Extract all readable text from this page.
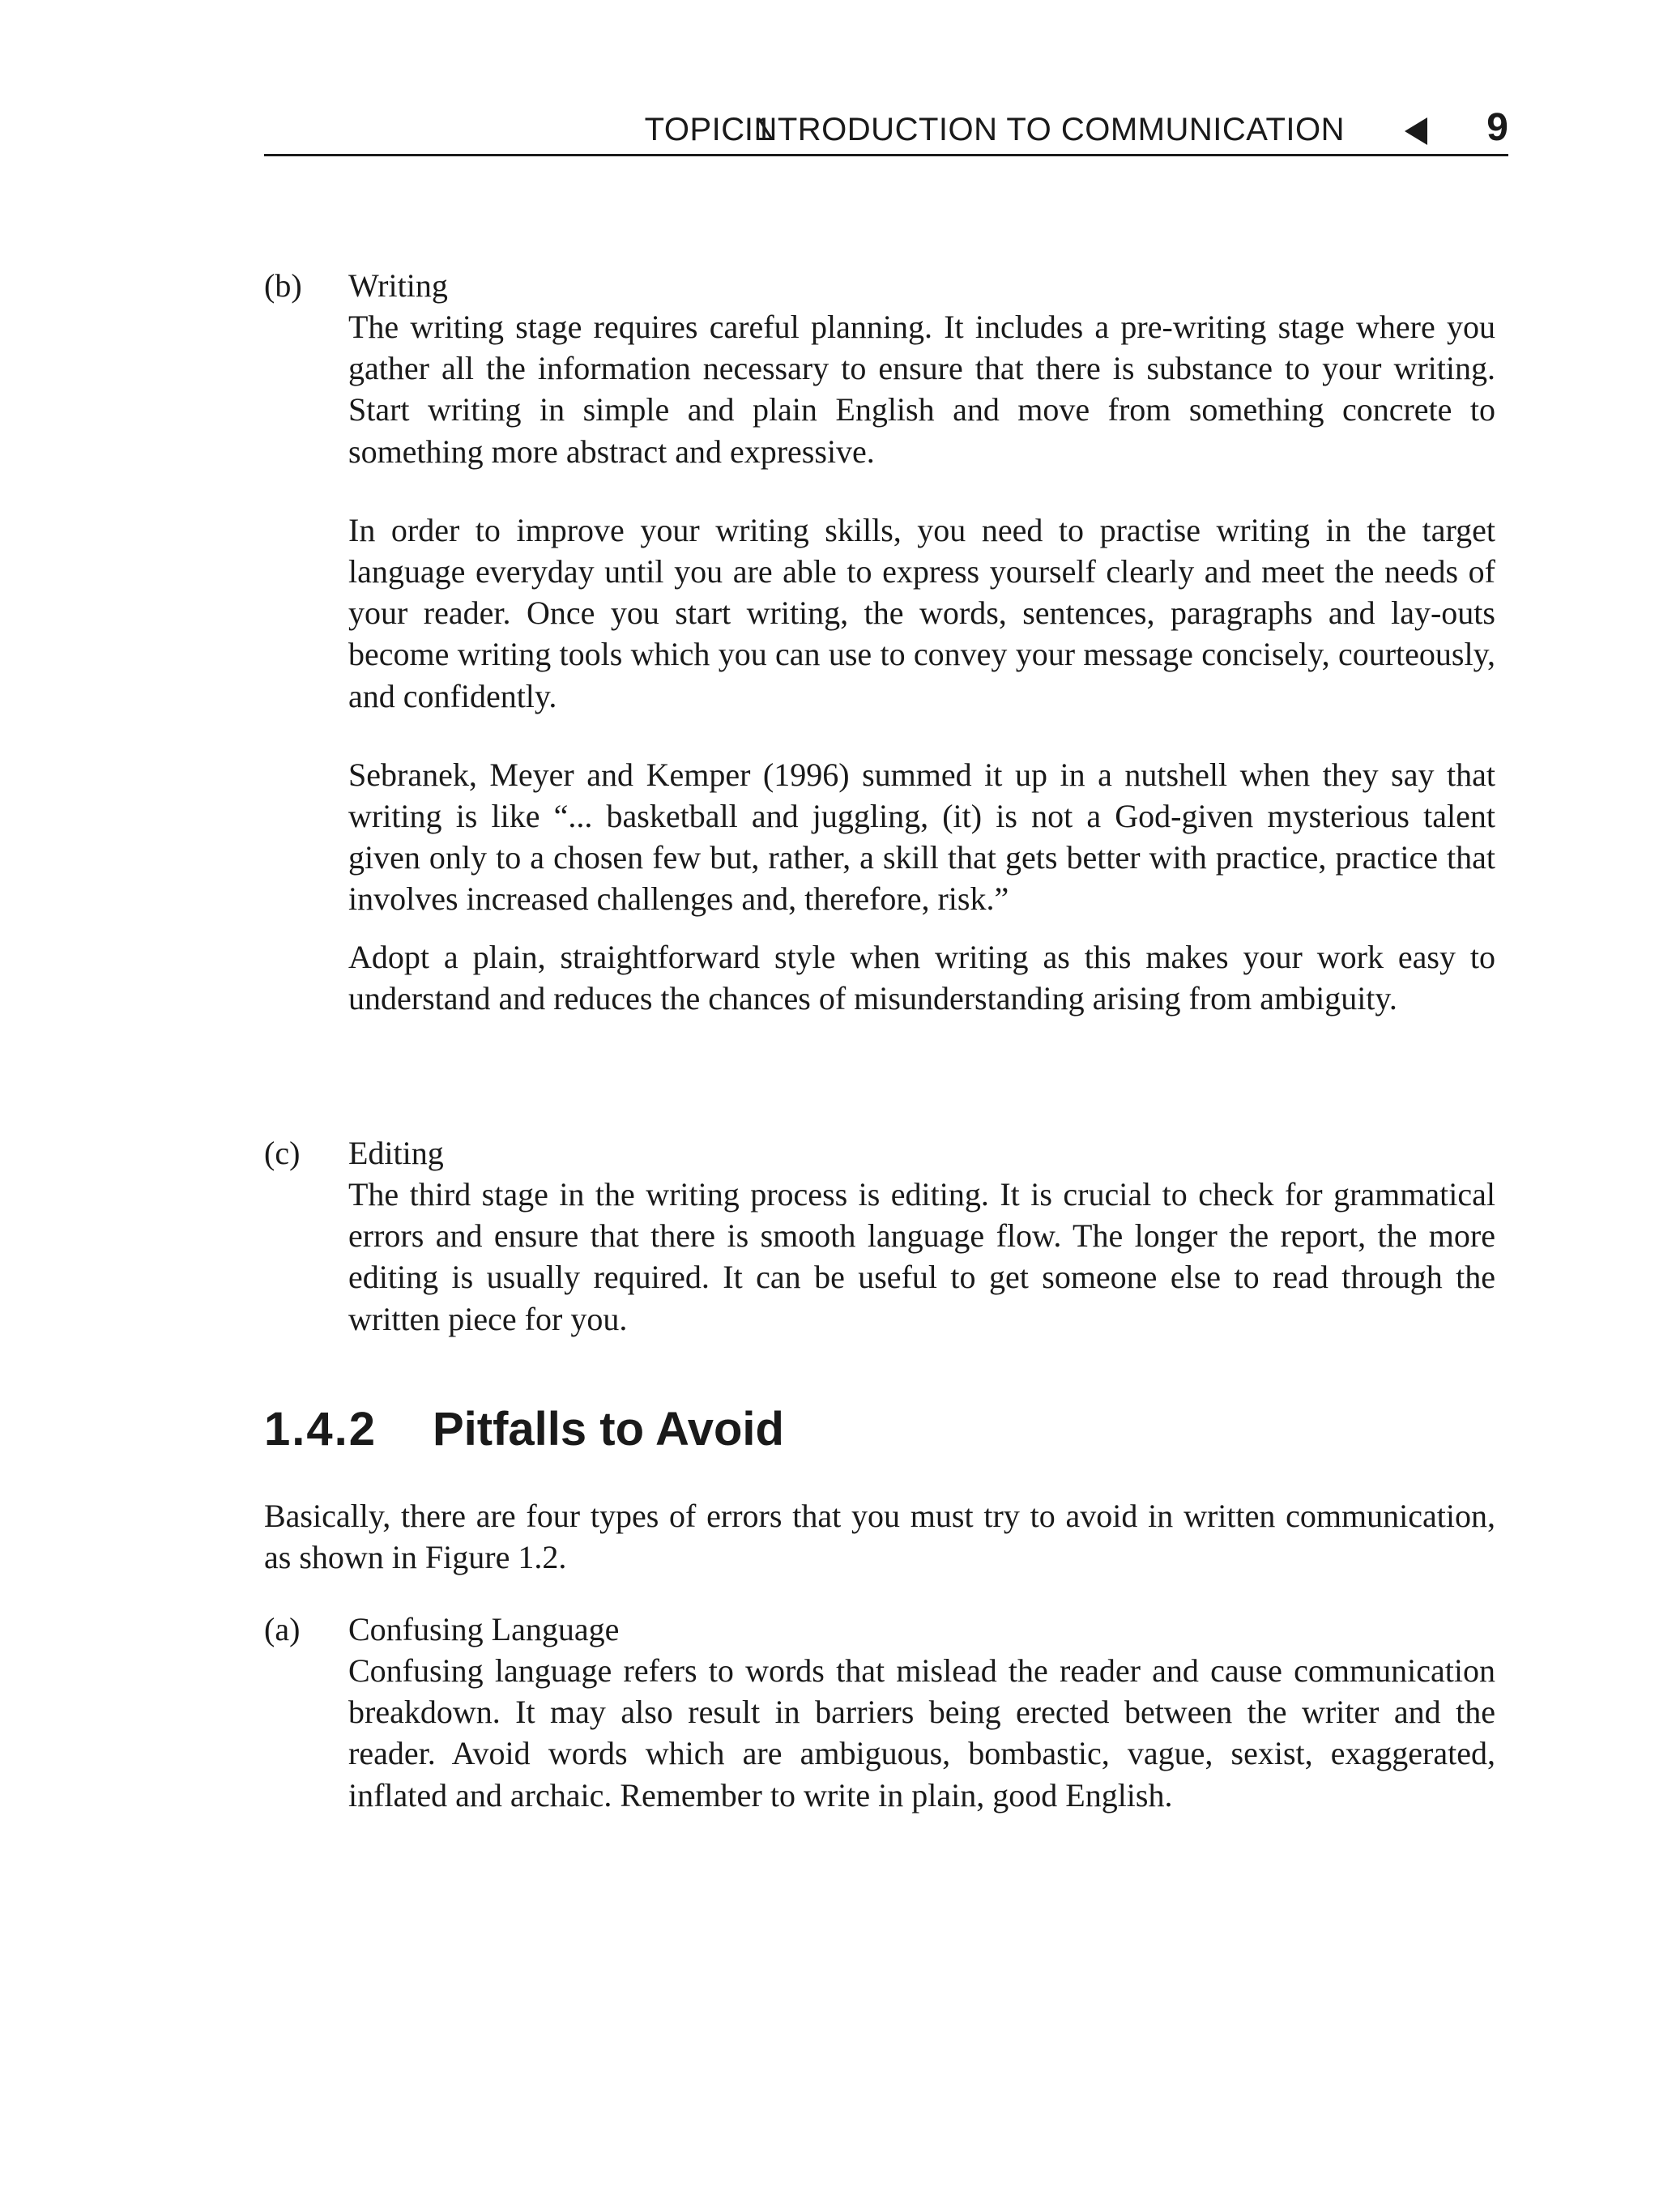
TOPIC 1
INTRODUCTION TO COMMUNICATION	9
(b) Writing

The writing stage requires careful planning. It includes a pre-writing stage where you gather all the information necessary to ensure that there is substance to your writing. Start writing in simple and plain English and move from something concrete to something more abstract and expressive.

In order to improve your writing skills, you need to practise writing in the target language everyday until you are able to express yourself clearly and meet the needs of your reader. Once you start writing, the words, sentences, paragraphs and lay-outs become writing tools which you can use to convey your message concisely, courteously, and confidently.

Sebranek, Meyer and Kemper (1996) summed it up in a nutshell when they say that writing is like “... basketball and juggling, (it) is not a God-given mysterious talent given only to a chosen few but, rather, a skill that gets better with practice, practice that involves increased challenges and, therefore, risk.”

Adopt a plain, straightforward style when writing as this makes your work easy to understand and reduces the chances of misunderstanding arising from ambiguity.

(c) Editing

The third stage in the writing process is editing. It is crucial to check for grammatical errors and ensure that there is smooth language flow. The longer the report, the more editing is usually required. It can be useful to get someone else to read through the written piece for you.

1.4.2 Pitfalls to Avoid

Basically, there are four types of errors that you must try to avoid in written communication, as shown in Figure 1.2.

(a) Confusing Language

Confusing language refers to words that mislead the reader and cause communication breakdown. It may also result in barriers being erected between the writer and the reader. Avoid words which are ambiguous, bombastic, vague, sexist, exaggerated, inflated and archaic. Remember to write in plain, good English.
